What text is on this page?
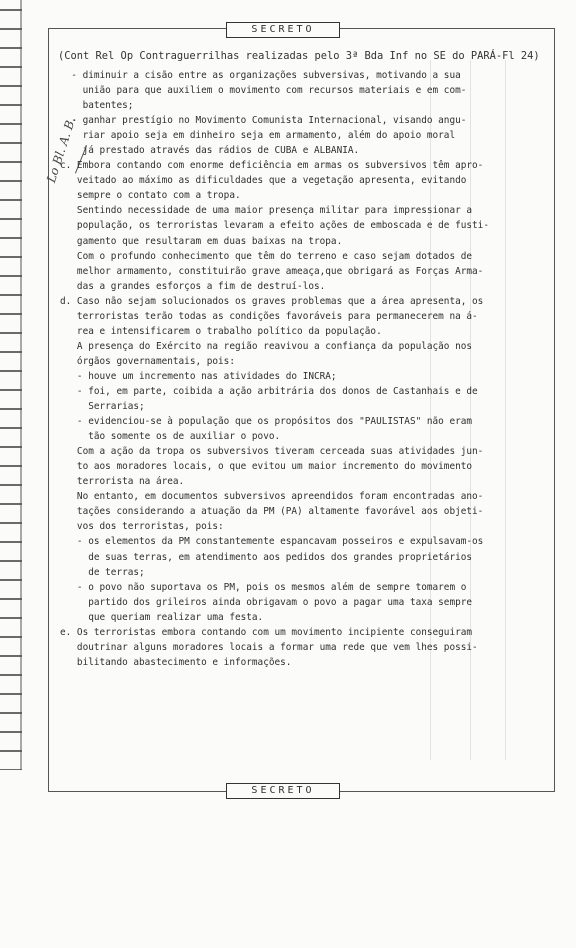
SECRETO
(Cont Rel Op Contraguerrilhas realizadas pelo 3ª Bda Inf no SE do PARÁ-Fl 24)
Lo Bl. A. B.
- diminuir a cisão entre as organizações subversivas, motivando a sua
união para que auxiliem o movimento com recursos materiais e em com-
batentes;
- ganhar prestígio no Movimento Comunista Internacional, visando angu-
riar apoio seja em dinheiro seja em armamento, além do apoio moral
já prestado através das rádios de CUBA e ALBANIA.
c. Embora contando com enorme deficiência em armas os subversivos têm apro-
veitado ao máximo as dificuldades que a vegetação apresenta, evitando
sempre o contato com a tropa.
Sentindo necessidade de uma maior presença militar para impressionar a
população, os terroristas levaram a efeito ações de emboscada e de fusti-
gamento que resultaram em duas baixas na tropa.
Com o profundo conhecimento que têm do terreno e caso sejam dotados de
melhor armamento, constituirão grave ameaça,que obrigará as Forças Arma-
das a grandes esforços a fim de destruí-los.
d. Caso não sejam solucionados os graves problemas que a área apresenta, os
terroristas terão todas as condições favoráveis para permanecerem na á-
rea e intensificarem o trabalho político da população.
A presença do Exército na região reavivou a confiança da população nos
órgãos governamentais, pois:
- houve um incremento nas atividades do INCRA;
- foi, em parte, coibida a ação arbitrária dos donos de Castanhais e de
Serrarias;
- evidenciou-se à população que os propósitos dos "PAULISTAS" não eram
tão somente os de auxiliar o povo.
Com a ação da tropa os subversivos tiveram cerceada suas atividades jun-
to aos moradores locais, o que evitou um maior incremento do movimento
terrorista na área.
No entanto, em documentos subversivos apreendidos foram encontradas ano-
tações considerando a atuação da PM (PA) altamente favorável aos objeti-
vos dos terroristas, pois:
- os elementos da PM constantemente espancavam posseiros e expulsavam-os
de suas terras, em atendimento aos pedidos dos grandes proprietários
de terras;
- o povo não suportava os PM, pois os mesmos além de sempre tomarem o
partido dos grileiros ainda obrigavam o povo a pagar uma taxa sempre
que queriam realizar uma festa.
e. Os terroristas embora contando com um movimento incipiente conseguiram
doutrinar alguns moradores locais a formar uma rede que vem lhes possi-
bilitando abastecimento e informações.
SECRETO
